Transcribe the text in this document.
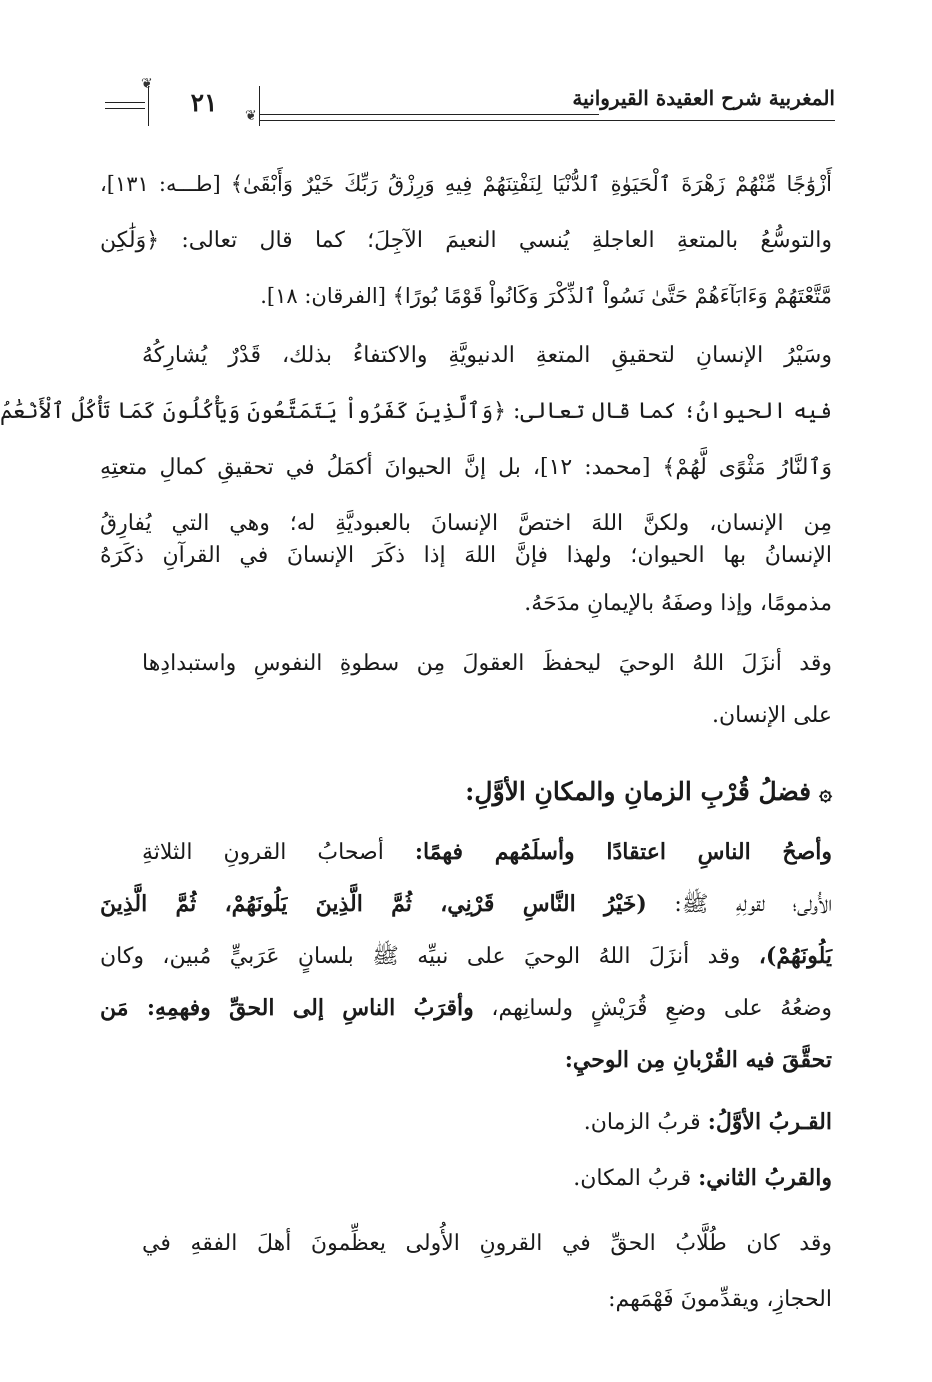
٢١
❦
❦
المغربية شرح العقيدة القيروانية
أَزْوَٰجًا مِّنْهُمْ زَهْرَةَ ٱلْحَيَوٰةِ ٱلدُّنْيَا لِنَفْتِنَهُمْ فِيهِ وَرِزْقُ رَبِّكَ خَيْرٌ وَأَبْقَىٰ﴾ [طـــه: ١٣١]،
والتوسُّعُ بالمتعةِ العاجلةِ يُنسي النعيمَ الآجِلَ؛ كما قال تعالى: ﴿وَلَٰكِن
مَّتَّعْتَهُمْ وَءَابَآءَهُمْ حَتَّىٰ نَسُواْ ٱلذِّكْرَ وَكَانُواْ قَوْمًا بُورًا﴾ [الفرقان: ١٨].
وسَيْرُ الإنسانِ لتحقيقِ المتعةِ الدنيويَّةِ والاكتفاءُ بذلك، قَدْرٌ يُشارِكُهُ
فيه الحيوانُ؛ كما قال تعالى: ﴿وَٱلَّذِينَ كَفَرُواْ يَتَمَتَّعُونَ وَيَأْكُلُونَ كَمَا تَأْكُلُ ٱلْأَنْعَٰمُ
وَٱلنَّارُ مَثْوًى لَّهُمْ﴾ [محمد: ١٢]، بل إنَّ الحيوانَ أكمَلُ في تحقيقِ كمالِ متعتِهِ
مِن الإنسان، ولكنَّ اللهَ اختصَّ الإنسانَ بالعبوديَّةِ له؛ وهي التي يُفارِقُ
الإنسانُ بها الحيوان؛ ولهذا فإنَّ اللهَ إذا ذكَرَ الإنسانَ في القرآنِ ذكَرَهُ
مذمومًا، وإذا وصفَهُ بالإيمانِ مدَحَهُ.
وقد أنزَلَ اللهُ الوحيَ ليحفظَ العقولَ مِن سطوةِ النفوسِ واستبدادِها
على الإنسان.
۞فضلُ قُرْبِ الزمانِ والمكانِ الأوَّلِ:
وأصحُ الناسِ اعتقادًا وأسلَمُهم فهمًا: أصحابُ القرونِ الثلاثةِ
الأُولى؛ لقولِهِ ﷺ: (خَيْرُ النَّاسِ قَرْنِي، ثُمَّ الَّذِينَ يَلُونَهُمْ، ثُمَّ الَّذِينَ
يَلُونَهُمْ)، وقد أنزَلَ اللهُ الوحيَ على نبيِّه ﷺ بلسانٍ عَرَبيٍّ مُبين، وكان
وضعُهُ على وضعِ قُرَيْشٍ ولسانِهم، وأقرَبُ الناسِ إلى الحقِّ وفهمِهِ: مَن
تحقَّقَ فيه القُرْبانِ مِن الوحيِ:
القـربُ الأوَّلُ: قربُ الزمان.
والقربُ الثاني: قربُ المكان.
وقد كان طُلَّابُ الحقِّ في القرونِ الأُولى يعظِّمونَ أهلَ الفقهِ في
الحجازِ، ويقدِّمونَ فَهْمَهم:
